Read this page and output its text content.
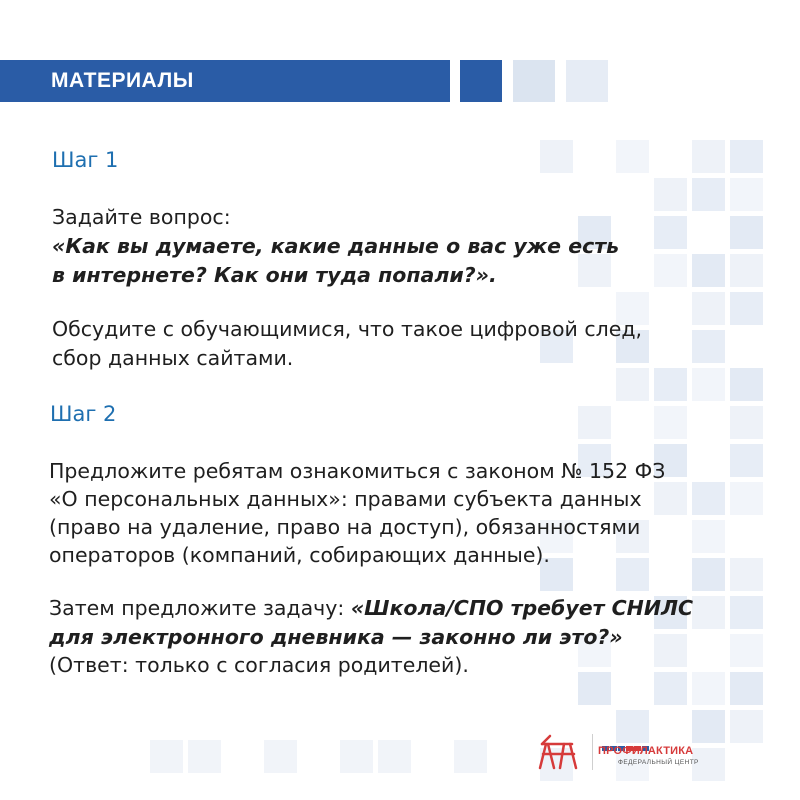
МАТЕРИАЛЫ
Шаг 1
Задайте вопрос:
«Как вы думаете, какие данные о вас уже есть
в интернете? Как они туда попали?».
Обсудите с обучающимися, что такое цифровой след,
сбор данных сайтами.
Шаг 2
Предложите ребятам ознакомиться с законом № 152 ФЗ
«О персональных данных»: правами субъекта данных
(право на удаление, право на доступ), обязанностями
операторов (компаний, собирающих данные).
Затем предложите задачу: «Школа/СПО требует СНИЛС
для электронного дневника — законно ли это?»
(Ответ: только с согласия родителей).
ПРОФИЛАКТИКА
ФЕДЕРАЛЬНЫЙ ЦЕНТР
